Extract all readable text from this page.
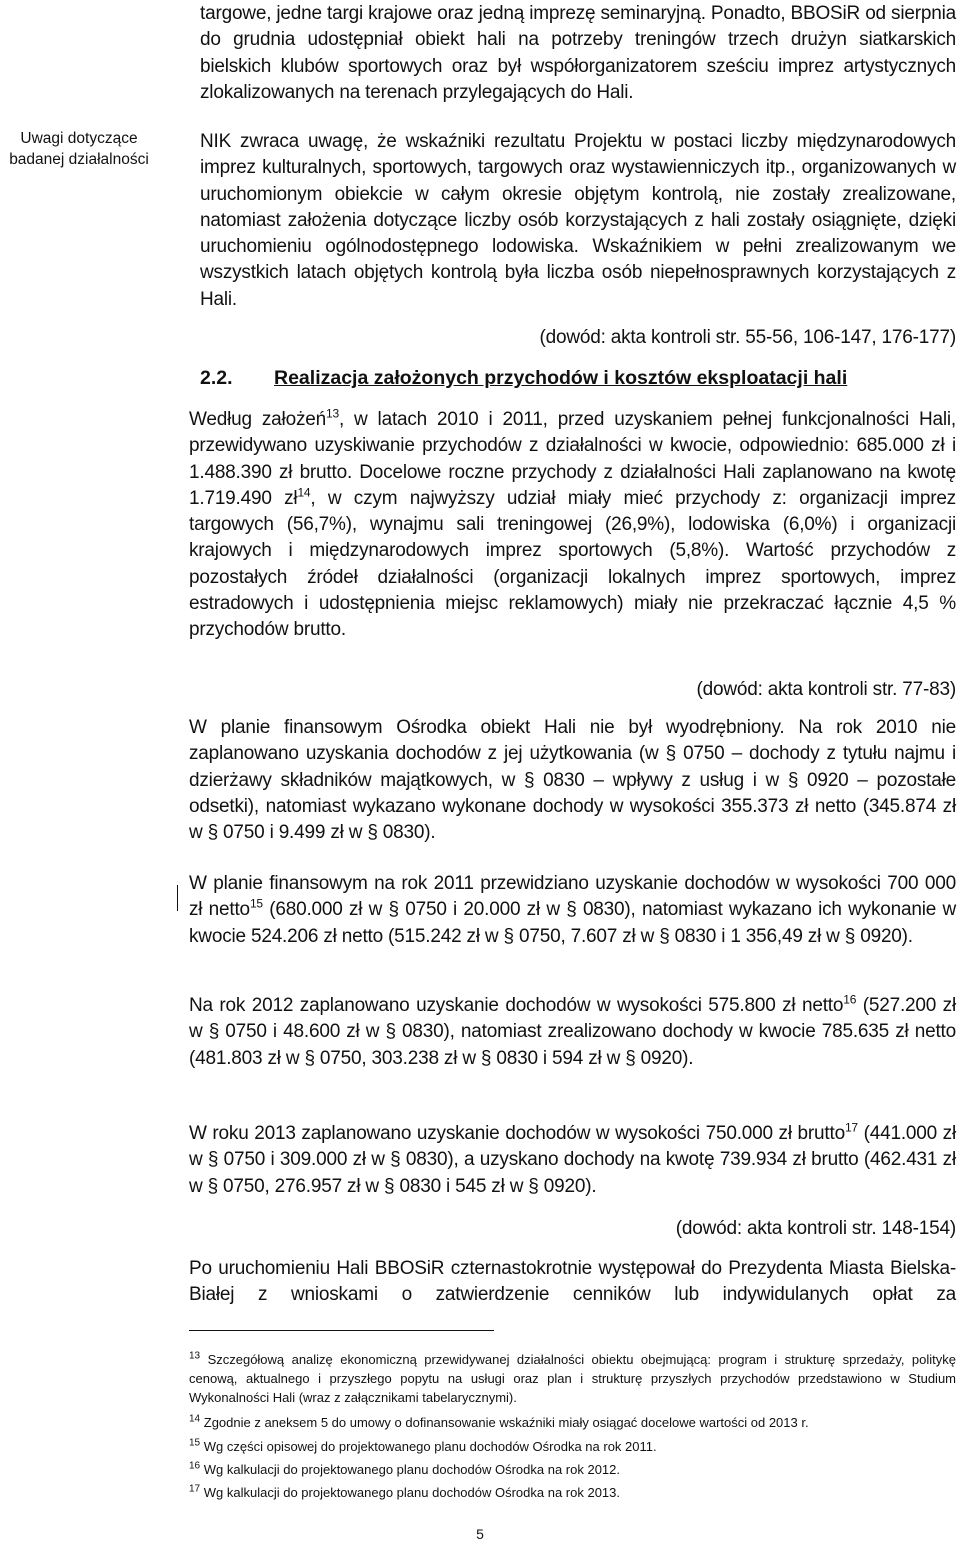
Uwagi dotyczące badanej działalności

targowe, jedne targi krajowe oraz jedną imprezę seminaryjną. Ponadto, BBOSiR od sierpnia do grudnia udostępniał obiekt hali na potrzeby treningów trzech drużyn siatkarskich bielskich klubów sportowych oraz był współorganizatorem sześciu imprez artystycznych zlokalizowanych na terenach przylegających do Hali.

NIK zwraca uwagę, że wskaźniki rezultatu Projektu w postaci liczby międzynarodowych imprez kulturalnych, sportowych, targowych oraz wystawienniczych itp., organizowanych w uruchomionym obiekcie w całym okresie objętym kontrolą, nie zostały zrealizowane, natomiast założenia dotyczące liczby osób korzystających z hali zostały osiągnięte, dzięki uruchomieniu ogólnodostępnego lodowiska. Wskaźnikiem w pełni zrealizowanym we wszystkich latach objętych kontrolą była liczba osób niepełnosprawnych korzystających z Hali.

(dowód: akta kontroli str. 55-56, 106-147, 176-177)

2.2. Realizacja założonych przychodów i kosztów eksploatacji hali

Według założeń$^{13}$, w latach 2010 i 2011, przed uzyskaniem pełnej funkcjonalności Hali, przewidywano uzyskiwanie przychodów z działalności w kwocie, odpowiednio: 685.000 zł i 1.488.390 zł brutto. Docelowe roczne przychody z działalności Hali zaplanowano na kwotę 1.719.490 $zł^{14}$, w czym najwyższy udział miały mieć przychody z: organizacji imprez targowych (56,7%), wynajmu sali treningowej (26,9%), lodowiska (6,0%) i organizacji krajowych i międzynarodowych imprez sportowych (5,8%). Wartość przychodów z pozostałych źródeł działalności (organizacji lokalnych imprez sportowych, imprez estradowych i udostępnienia miejsc reklamowych) miały nie przekraczać łącznie 4,5 % przychodów brutto.

(dowód: akta kontroli str. 77-83)

W planie finansowym Ośrodka obiekt Hali nie był wyodrębniony. Na rok 2010 nie zaplanowano uzyskania dochodów z jej użytkowania (w § 0750 – dochody z tytułu najmu i dzierżawy składników majątkowych, w § 0830 – wpływy z usług i w § 0920 – pozostałe odsetki), natomiast wykazano wykonane dochody w wysokości 355.373 zł netto (345.874 zł w § 0750 i 9.499 zł w § 0830).

W planie finansowym na rok 2011 przewidziano uzyskanie dochodów w wysokości 700 000 zł netto$^{15}$ (680.000 zł w § 0750 i 20.000 zł w § 0830), natomiast wykazano ich wykonanie w kwocie 524.206 zł netto (515.242 zł w § 0750, 7.607 zł w § 0830 i 1 356,49 zł w § 0920).

Na rok 2012 zaplanowano uzyskanie dochodów w wysokości 575.800 zł netto$^{16}$ (527.200 zł w § 0750 i 48.600 zł w § 0830), natomiast zrealizowano dochody w kwocie 785.635 zł netto (481.803 zł w § 0750, 303.238 zł w § 0830 i 594 zł w § 0920).

W roku 2013 zaplanowano uzyskanie dochodów w wysokości 750.000 zł brutto$^{17}$ (441.000 zł w § 0750 i 309.000 zł w § 0830), a uzyskano dochody na kwotę 739.934 zł brutto (462.431 zł w § 0750, 276.957 zł w § 0830 i 545 zł w § 0920).

(dowód: akta kontroli str. 148-154)

Po uruchomieniu Hali BBOSiR czternastokrotnie występował do Prezydenta Miasta Bielska-Białej z wnioskami o zatwierdzenie cenników lub indywidulanych opłat za

$^{13}$ Szczegółową analizę ekonomiczną przewidywanej działalności obiektu obejmującą: program i strukturę sprzedaży, politykę cenową, aktualnego i przyszłego popytu na usługi oraz plan i strukturę przyszłych przychodów przedstawiono w Studium Wykonalności Hali (wraz z załącznikami tabelarycznymi).

$^{14}$ Zgodnie z aneksem 5 do umowy o dofinansowanie wskaźniki miały osiągać docelowe wartości od 2013 r.

$^{15}$ Wg części opisowej do projektowanego planu dochodów Ośrodka na rok 2011.

$^{16}$ Wg kalkulacji do projektowanego planu dochodów Ośrodka na rok 2012.

$^{17}$ Wg kalkulacji do projektowanego planu dochodów Ośrodka na rok 2013.

5
